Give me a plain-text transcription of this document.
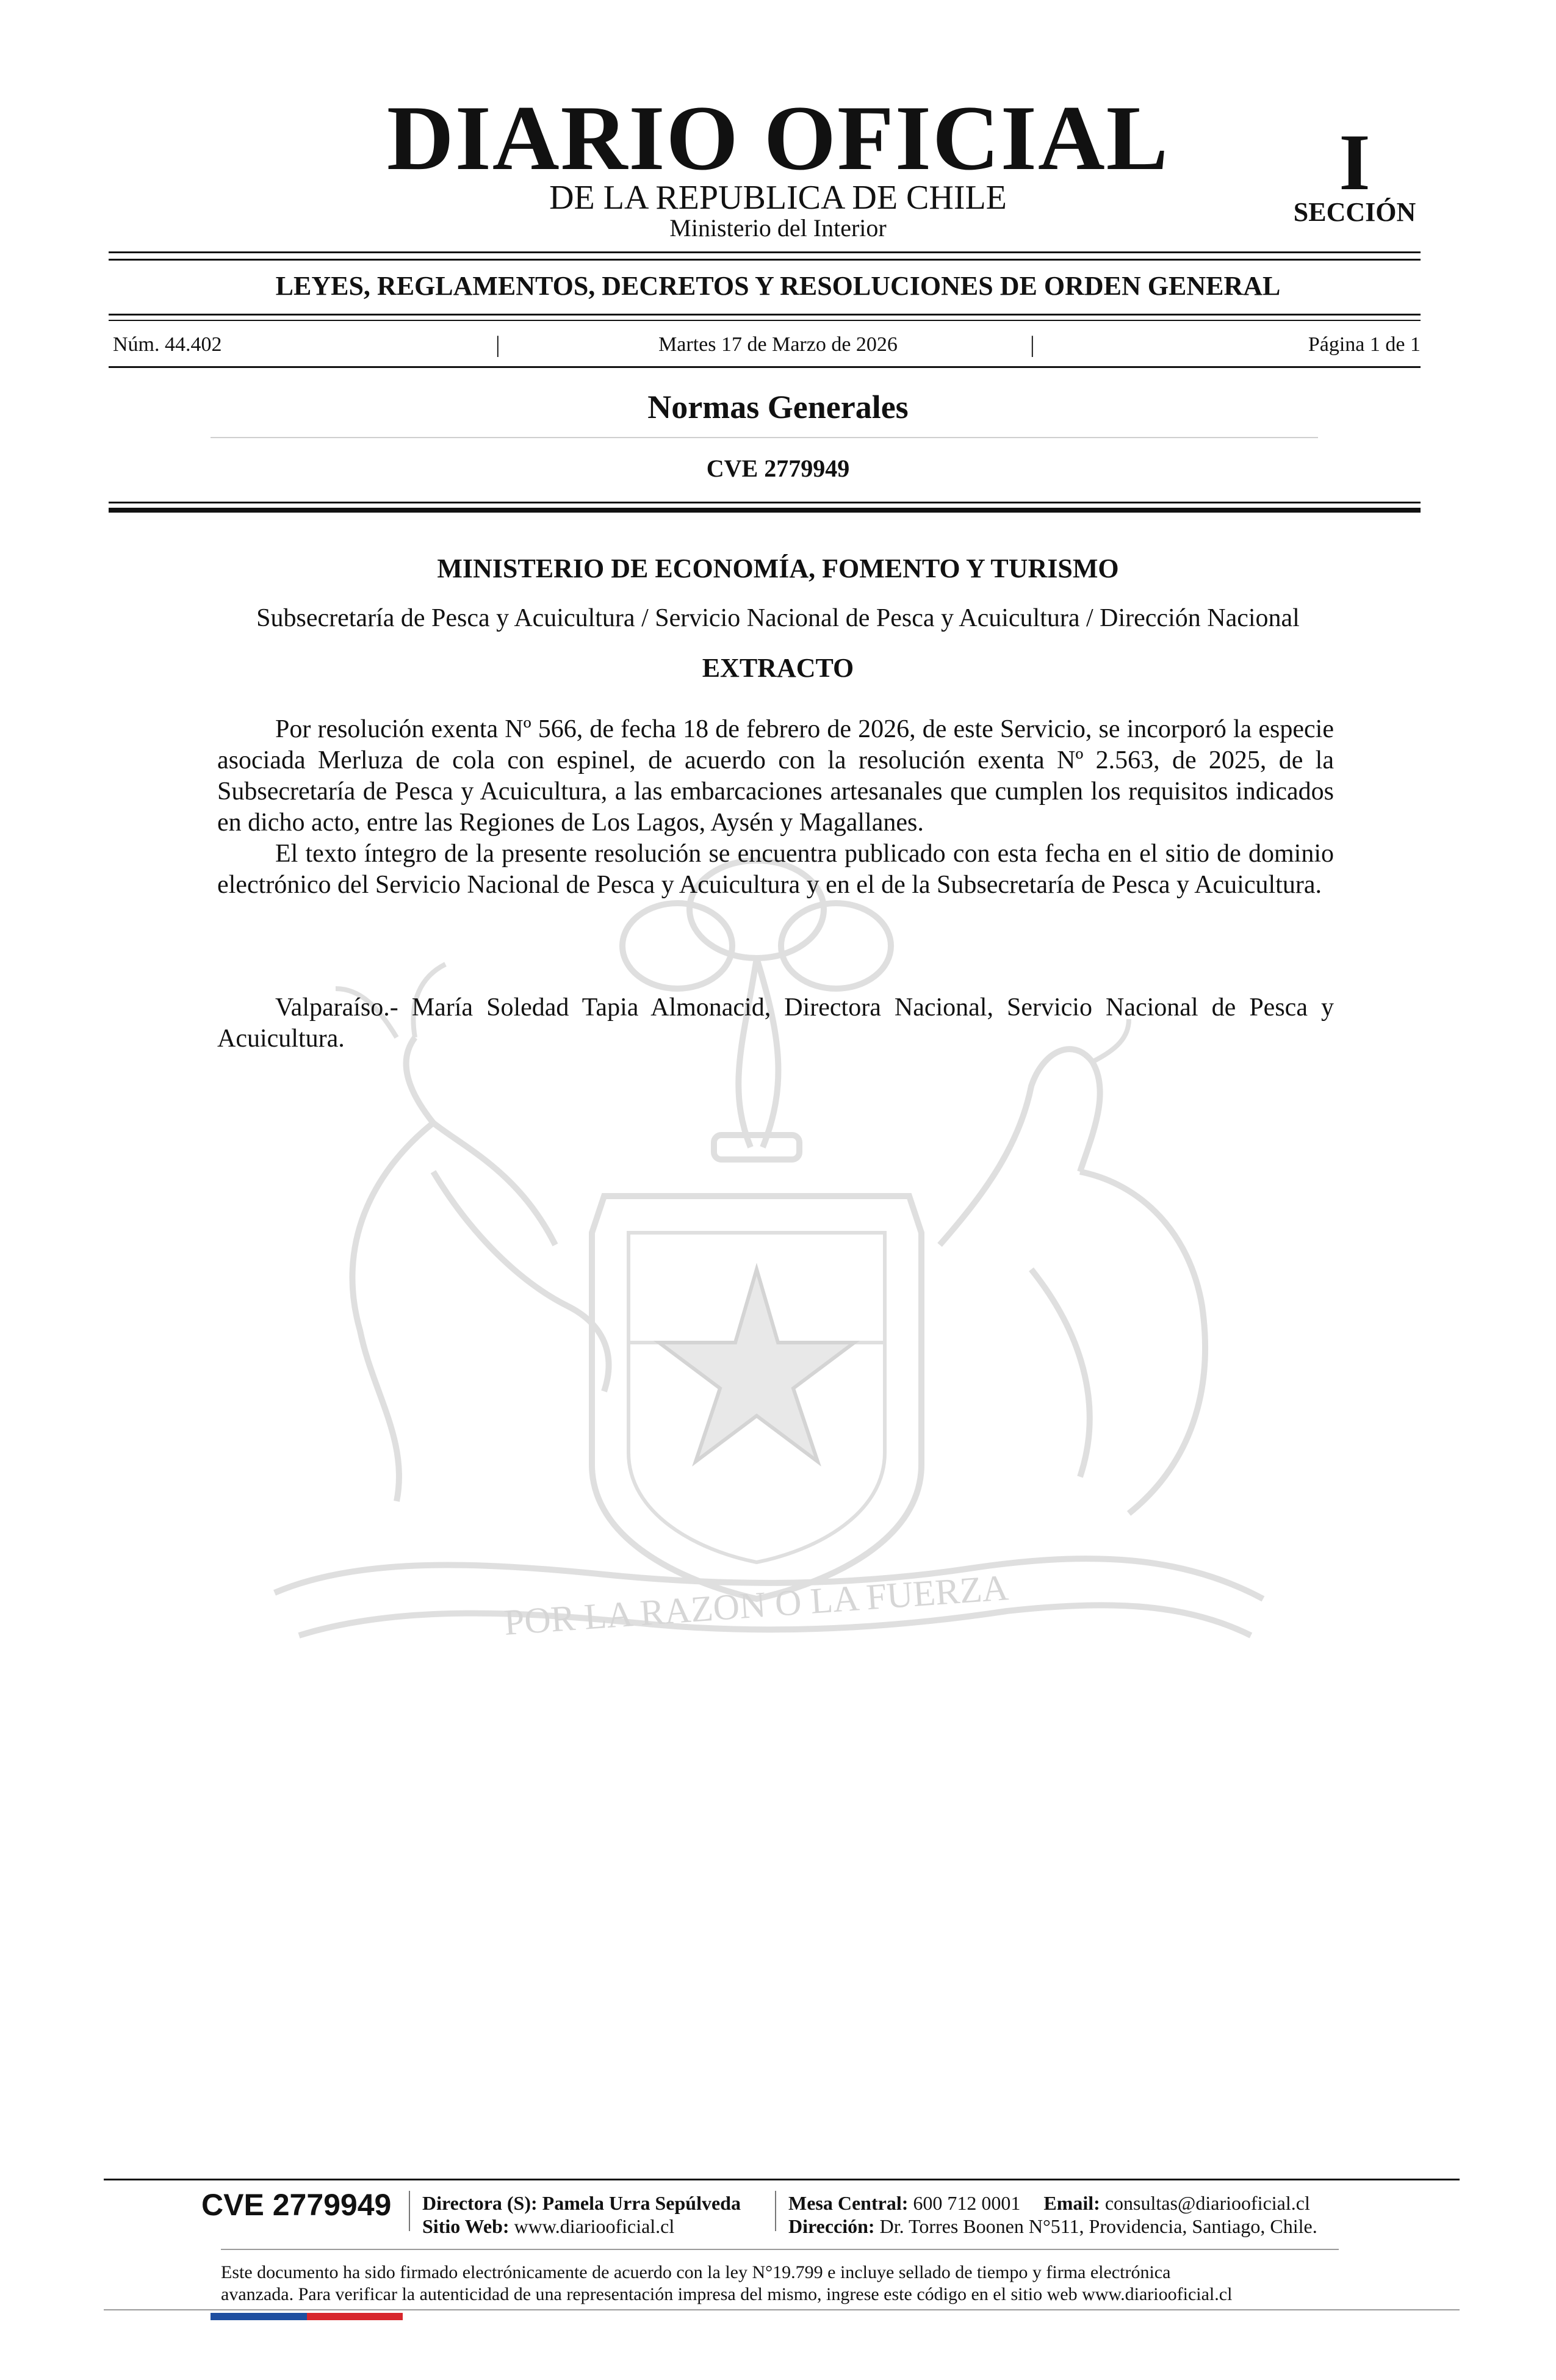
POR LA RAZON O LA FUERZA
DIARIO OFICIAL
DE LA REPUBLICA DE CHILE
Ministerio del Interior
I
SECCIÓN
LEYES, REGLAMENTOS, DECRETOS Y RESOLUCIONES DE ORDEN GENERAL
Núm. 44.402	|	Martes 17 de Marzo de 2026	|	Página 1 de 1
Normas Generales
CVE 2779949
MINISTERIO DE ECONOMÍA, FOMENTO Y TURISMO
Subsecretaría de Pesca y Acuicultura / Servicio Nacional de Pesca y Acuicultura / Dirección Nacional
EXTRACTO

Por resolución exenta Nº 566, de fecha 18 de febrero de 2026, de este Servicio, se incorporó la especie asociada Merluza de cola con espinel, de acuerdo con la resolución exenta Nº 2.563, de 2025, de la Subsecretaría de Pesca y Acuicultura, a las embarcaciones artesanales que cumplen los requisitos indicados en dicho acto, entre las Regiones de Los Lagos, Aysén y Magallanes.

El texto íntegro de la presente resolución se encuentra publicado con esta fecha en el sitio de dominio electrónico del Servicio Nacional de Pesca y Acuicultura y en el de la Subsecretaría de Pesca y Acuicultura.

Valparaíso.- María Soledad Tapia Almonacid, Directora Nacional, Servicio Nacional de Pesca y Acuicultura.

CVE 2779949 Directora (S): Pamela Urra Sepúlveda
Sitio Web: www.diariooficial.cl
Mesa Central: 600 712 0001 Email: consultas@diariooficial.cl
Dirección: Dr. Torres Boonen N°511, Providencia, Santiago, Chile.
Este documento ha sido firmado electrónicamente de acuerdo con la ley N°19.799 e incluye sellado de tiempo y firma electrónica
avanzada. Para verificar la autenticidad de una representación impresa del mismo, ingrese este código en el sitio web www.diariooficial.cl
